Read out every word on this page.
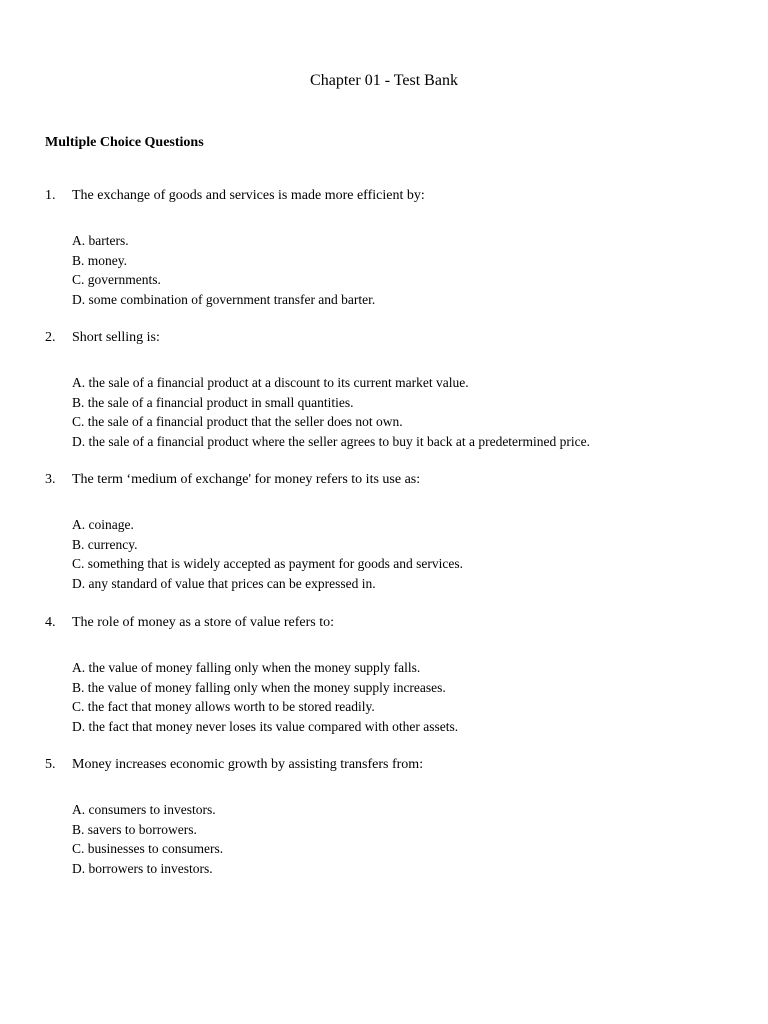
Chapter 01 - Test Bank
Multiple Choice Questions
1.	The exchange of goods and services is made more efficient by:
A. barters.
B. money.
C. governments.
D. some combination of government transfer and barter.
2.	Short selling is:
A. the sale of a financial product at a discount to its current market value.
B. the sale of a financial product in small quantities.
C. the sale of a financial product that the seller does not own.
D. the sale of a financial product where the seller agrees to buy it back at a predetermined price.
3.	The term ‘medium of exchange' for money refers to its use as:
A. coinage.
B. currency.
C. something that is widely accepted as payment for goods and services.
D. any standard of value that prices can be expressed in.
4.	The role of money as a store of value refers to:
A. the value of money falling only when the money supply falls.
B. the value of money falling only when the money supply increases.
C. the fact that money allows worth to be stored readily.
D. the fact that money never loses its value compared with other assets.
5.	Money increases economic growth by assisting transfers from:
A. consumers to investors.
B. savers to borrowers.
C. businesses to consumers.
D. borrowers to investors.
